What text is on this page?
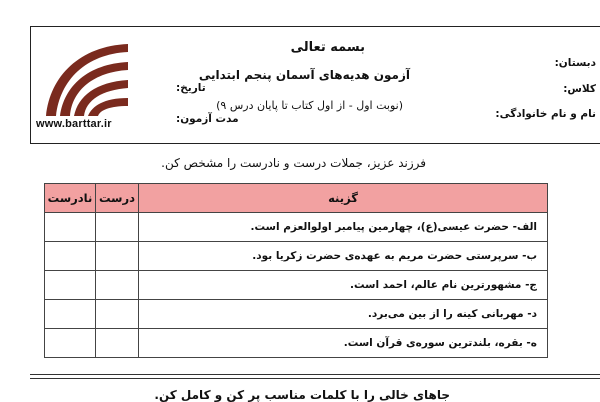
www.barttar.ir
بسمه تعالی
آزمون هدیه‌های آسمان پنجم ابتدایی
(نوبت اول - از اول کتاب تا پایان درس ۹)
دبستان:
کلاس:
نام و نام خانوادگی:
تاریخ:
مدت آزمون:
فرزند عزیز، جملات درست و نادرست را مشخص کن.
نادرست	درست	گزینه
		الف- حضرت عیسی(ع)، چهارمین پیامبر اولوالعزم است.
		ب- سرپرستی حضرت مریم به عهده‌ی حضرت زکریا بود.
		ج- مشهورترین نام عالم، احمد است.
		د- مهربانی کینه را از بین می‌برد.
		ه- بقره، بلندترین سوره‌ی قرآن است.
جاهای خالی را با کلمات مناسب پر کن و کامل کن.
